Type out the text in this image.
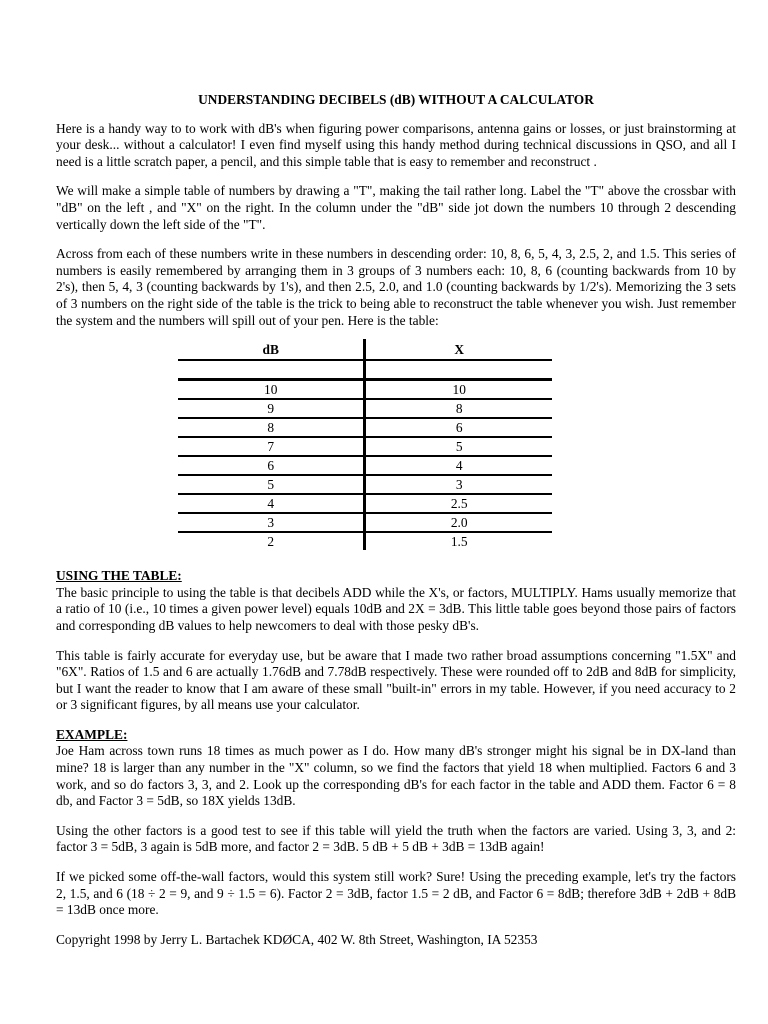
UNDERSTANDING DECIBELS (dB) WITHOUT A CALCULATOR

Here is a handy way to to work with dB's when figuring power comparisons, antenna gains or losses, or just brainstorming at your desk... without a calculator! I even find myself using this handy method during technical discussions in QSO, and all I need is a little scratch paper, a pencil, and this simple table that is easy to remember and reconstruct .

We will make a simple table of numbers by drawing a "T", making the tail rather long. Label the "T" above the crossbar with "dB" on the left , and "X" on the right. In the column under the "dB" side jot down the numbers 10 through 2 descending vertically down the left side of the "T".

Across from each of these numbers write in these numbers in descending order: 10, 8, 6, 5, 4, 3, 2.5, 2, and 1.5. This series of numbers is easily remembered by arranging them in 3 groups of 3 numbers each: 10, 8, 6 (counting backwards from 10 by 2's), then 5, 4, 3 (counting backwards by 1's), and then 2.5, 2.0, and 1.0 (counting backwards by 1/2's). Memorizing the 3 sets of 3 numbers on the right side of the table is the trick to being able to reconstruct the table whenever you wish. Just remember the system and the numbers will spill out of your pen. Here is the table:

dB	X

10	10
9	8
8	6
7	5
6	4
5	3
4	2.5
3	2.0
2	1.5
USING THE TABLE:

The basic principle to using the table is that decibels ADD while the X's, or factors, MULTIPLY. Hams usually memorize that a ratio of 10 (i.e., 10 times a given power level) equals 10dB and 2X = 3dB. This little table goes beyond those pairs of factors and corresponding dB values to help newcomers to deal with those pesky dB's.

This table is fairly accurate for everyday use, but be aware that I made two rather broad assumptions concerning "1.5X" and "6X". Ratios of 1.5 and 6 are actually 1.76dB and 7.78dB respectively. These were rounded off to 2dB and 8dB for simplicity, but I want the reader to know that I am aware of these small "built-in" errors in my table. However, if you need accuracy to 2 or 3 significant figures, by all means use your calculator.

EXAMPLE:

Joe Ham across town runs 18 times as much power as I do. How many dB's stronger might his signal be in DX-land than mine? 18 is larger than any number in the "X" column, so we find the factors that yield 18 when multiplied. Factors 6 and 3 work, and so do factors 3, 3, and 2. Look up the corresponding dB's for each factor in the table and ADD them. Factor 6 = 8 db, and Factor 3 = 5dB, so 18X yields 13dB.

Using the other factors is a good test to see if this table will yield the truth when the factors are varied. Using 3, 3, and 2: factor 3 = 5dB, 3 again is 5dB more, and factor 2 = 3dB. 5 dB + 5 dB + 3dB = 13dB again!

If we picked some off-the-wall factors, would this system still work? Sure! Using the preceding example, let's try the factors 2, 1.5, and 6 (18 ÷ 2 = 9, and 9 ÷ 1.5 = 6). Factor 2 = 3dB, factor 1.5 = 2 dB, and Factor 6 = 8dB; therefore 3dB + 2dB + 8dB = 13dB once more.

Copyright 1998 by Jerry L. Bartachek KDØCA, 402 W. 8th Street, Washington, IA 52353
